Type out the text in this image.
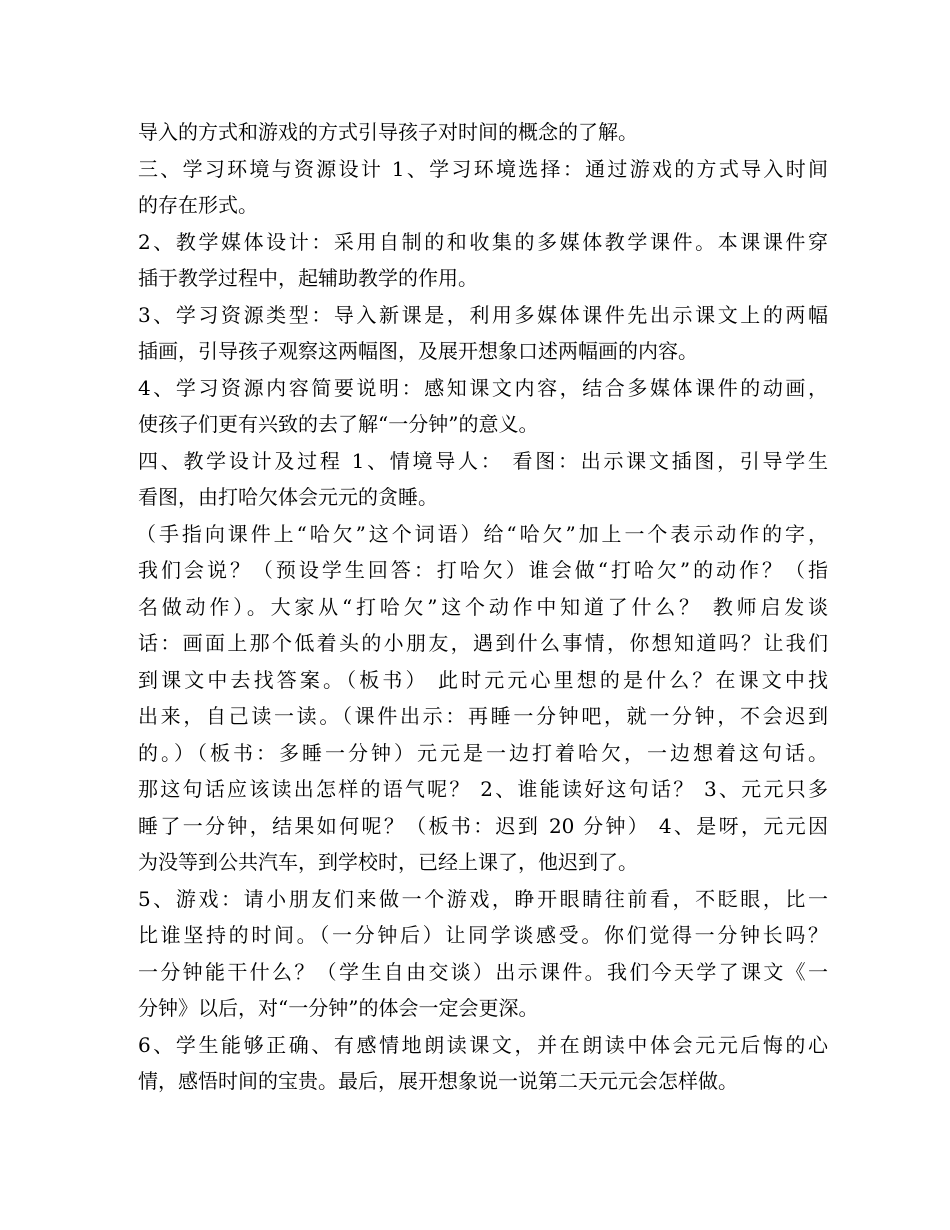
导入的方式和游戏的方式引导孩子对时间的概念的了解。
三、学习环境与资源设计 1、学习环境选择：通过游戏的方式导入时间
的存在形式。
2、教学媒体设计：采用自制的和收集的多媒体教学课件。本课课件穿
插于教学过程中，起辅助教学的作用。
3、学习资源类型：导入新课是，利用多媒体课件先出示课文上的两幅
插画，引导孩子观察这两幅图，及展开想象口述两幅画的内容。
4、学习资源内容简要说明：感知课文内容，结合多媒体课件的动画，
使孩子们更有兴致的去了解“一分钟”的意义。
四、教学设计及过程 1、情境导人： 看图：出示课文插图，引导学生
看图，由打哈欠体会元元的贪睡。
（手指向课件上“哈欠”这个词语）给“哈欠”加上一个表示动作的字，
我们会说？（预设学生回答：打哈欠）谁会做“打哈欠”的动作？（指
名做动作）。大家从“打哈欠”这个动作中知道了什么？ 教师启发谈
话：画面上那个低着头的小朋友，遇到什么事情，你想知道吗？让我们
到课文中去找答案。（板书） 此时元元心里想的是什么？在课文中找
出来，自己读一读。（课件出示：再睡一分钟吧，就一分钟，不会迟到
的。）（板书：多睡一分钟）元元是一边打着哈欠，一边想着这句话。
那这句话应该读出怎样的语气呢？ 2、谁能读好这句话？ 3、元元只多
睡了一分钟，结果如何呢？（板书：迟到 20 分钟） 4、是呀，元元因
为没等到公共汽车，到学校时，已经上课了，他迟到了。
5、游戏：请小朋友们来做一个游戏，睁开眼睛往前看，不眨眼，比一
比谁坚持的时间。（一分钟后）让同学谈感受。你们觉得一分钟长吗？
一分钟能干什么？（学生自由交谈）出示课件。我们今天学了课文《一
分钟》以后，对“一分钟”的体会一定会更深。
6、学生能够正确、有感情地朗读课文，并在朗读中体会元元后悔的心
情，感悟时间的宝贵。最后，展开想象说一说第二天元元会怎样做。
